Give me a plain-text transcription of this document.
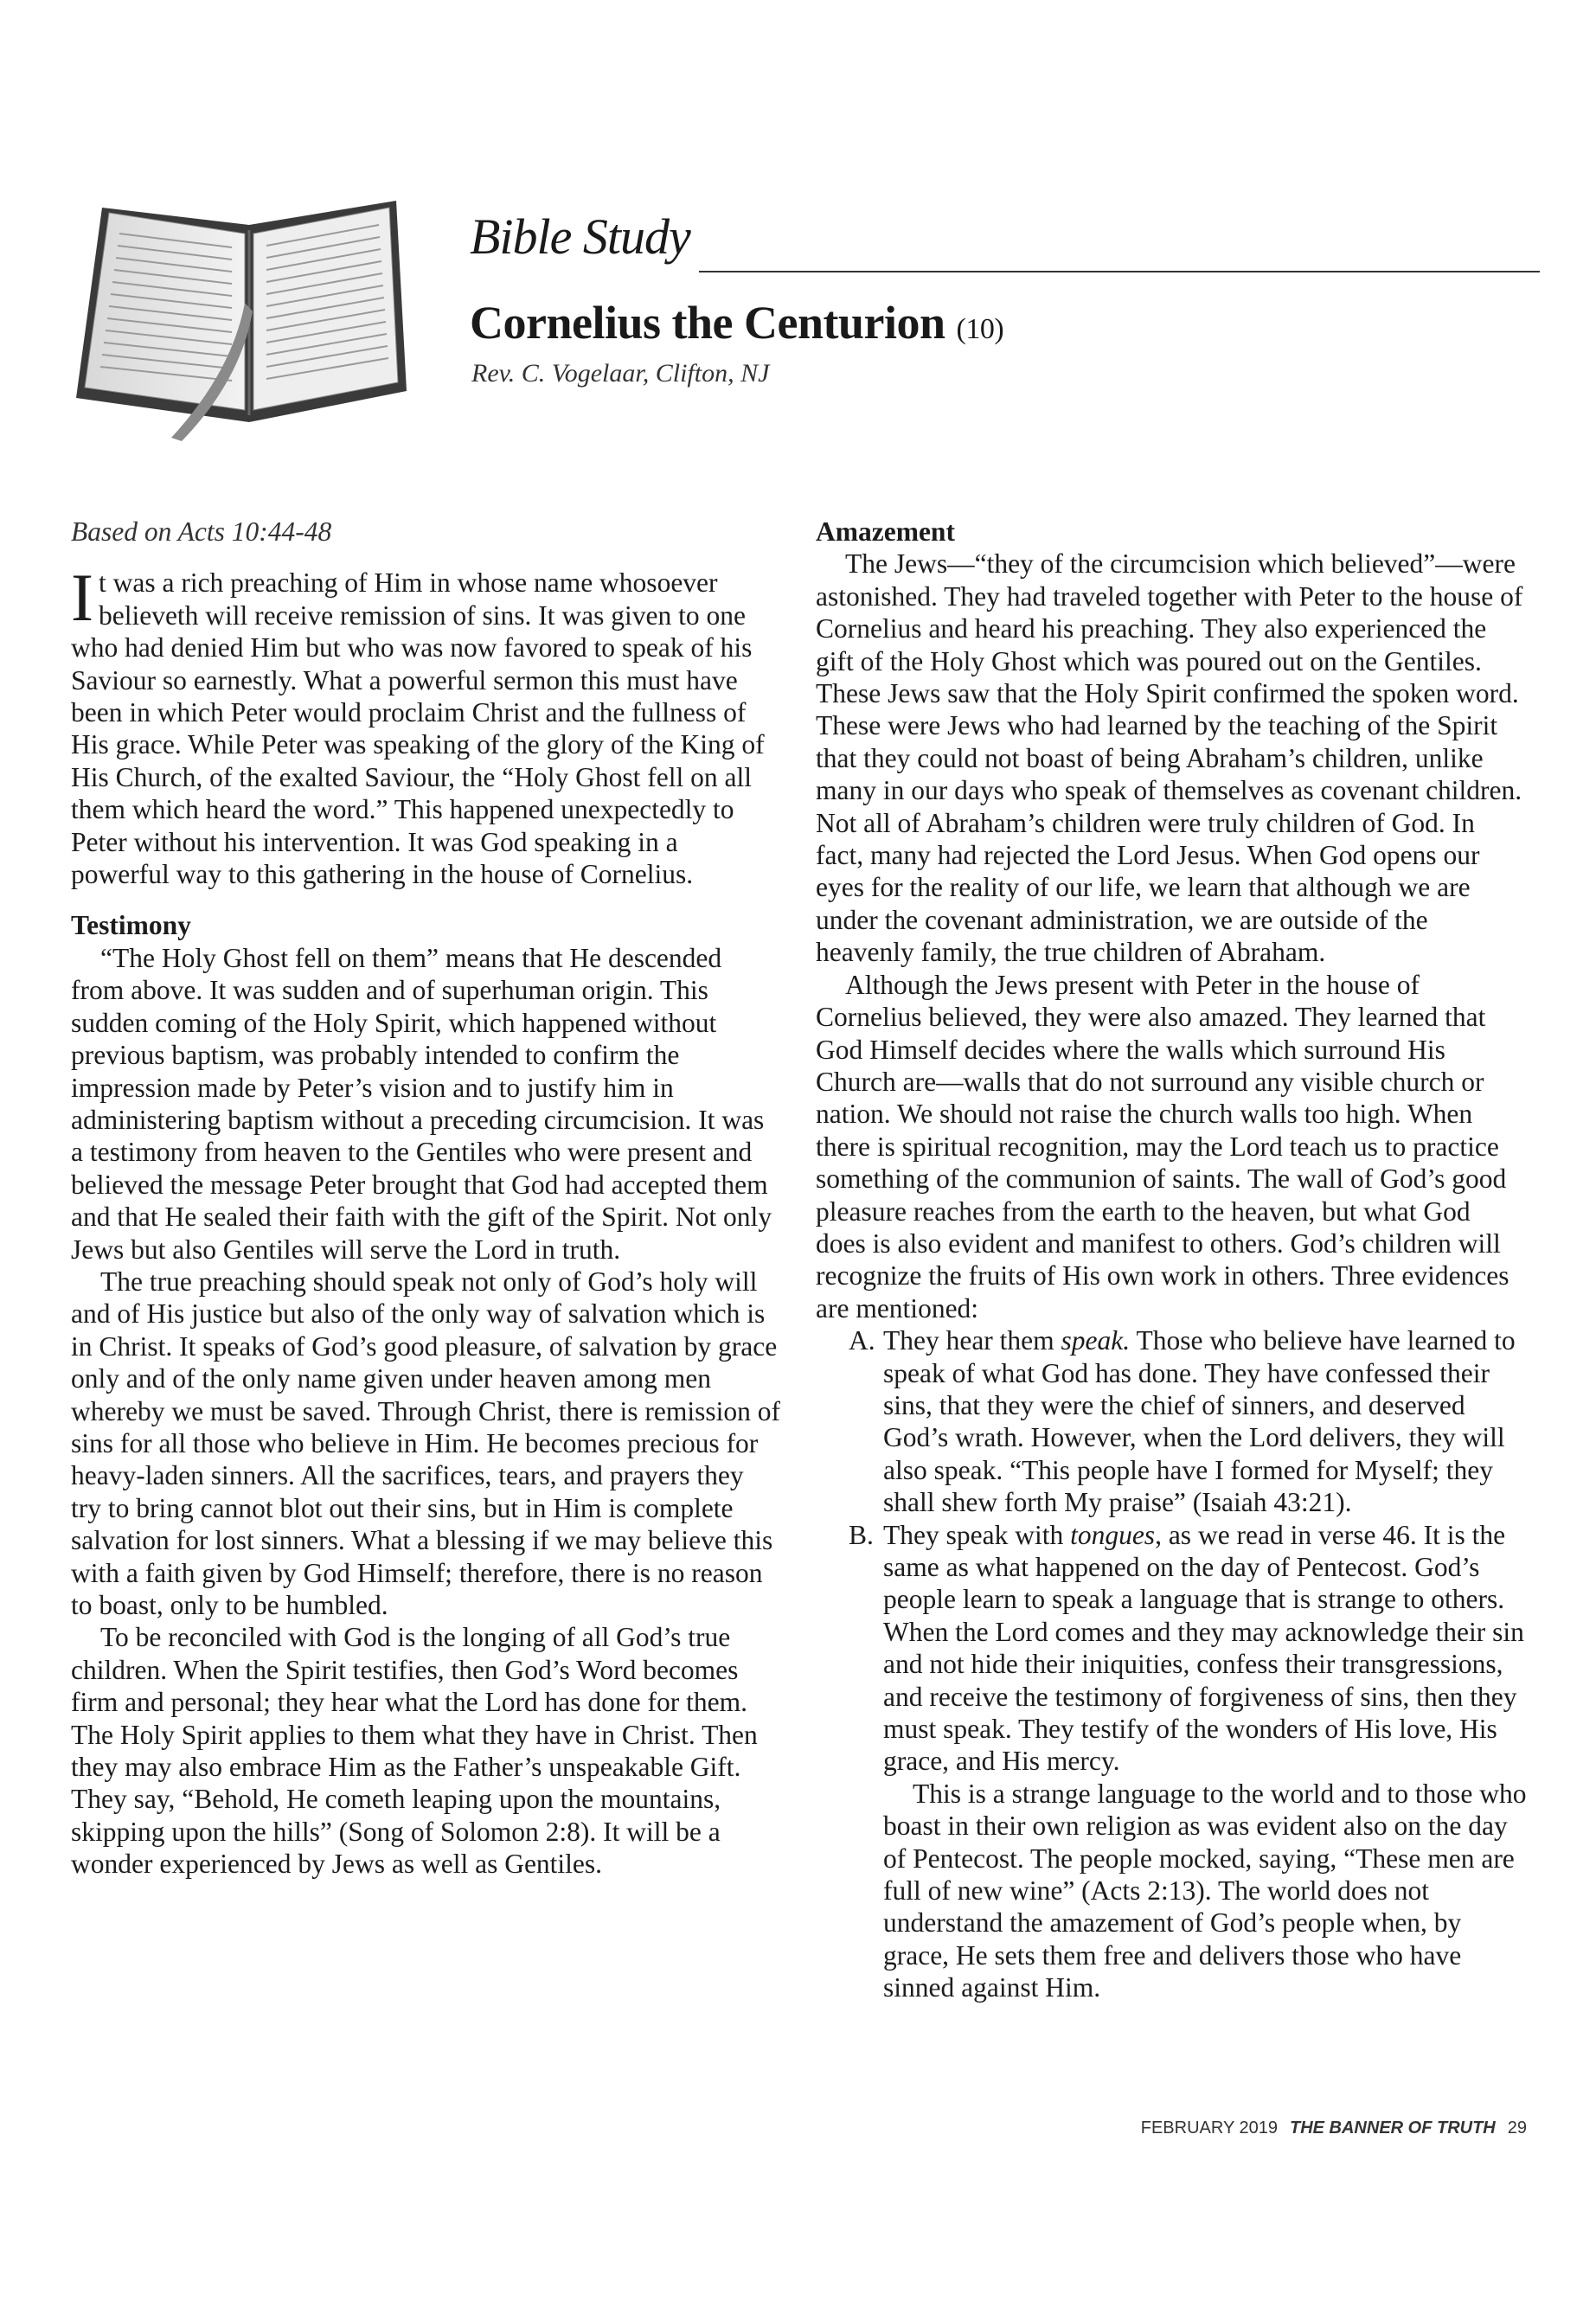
Bible Study
Cornelius the Centurion (10)
Rev. C. Vogelaar, Clifton, NJ

Based on Acts 10:44-48

It was a rich preaching of Him in whose name whosoever believeth will receive remission of sins. It was given to one who had denied Him but who was now favored to speak of his Saviour so earnestly. What a powerful sermon this must have been in which Peter would proclaim Christ and the fullness of His grace. While Peter was speaking of the glory of the King of His Church, of the exalted Saviour, the “Holy Ghost fell on all them which heard the word.” This happened unexpectedly to Peter without his intervention. It was God speaking in a powerful way to this gathering in the house of Cornelius.

Testimony

“The Holy Ghost fell on them” means that He descended from above. It was sudden and of superhuman origin. This sudden coming of the Holy Spirit, which happened without previous baptism, was probably intended to confirm the impression made by Peter’s vision and to justify him in administering baptism without a preceding circumcision. It was a testimony from heaven to the Gentiles who were present and believed the message Peter brought that God had accepted them and that He sealed their faith with the gift of the Spirit. Not only Jews but also Gentiles will serve the Lord in truth.

The true preaching should speak not only of God’s holy will and of His justice but also of the only way of salvation which is in Christ. It speaks of God’s good pleasure, of salvation by grace only and of the only name given under heaven among men whereby we must be saved. Through Christ, there is remission of sins for all those who believe in Him. He becomes precious for heavy-laden sinners. All the sacrifices, tears, and prayers they try to bring cannot blot out their sins, but in Him is complete salvation for lost sinners. What a blessing if we may believe this with a faith given by God Himself; therefore, there is no reason to boast, only to be humbled.

To be reconciled with God is the longing of all God’s true children. When the Spirit testifies, then God’s Word becomes firm and personal; they hear what the Lord has done for them. The Holy Spirit applies to them what they have in Christ. Then they may also embrace Him as the Father’s unspeakable Gift. They say, “Behold, He cometh leaping upon the mountains, skipping upon the hills” (Song of Solomon 2:8). It will be a wonder experienced by Jews as well as Gentiles.

Amazement

The Jews—“they of the circumcision which believed”—were astonished. They had traveled together with Peter to the house of Cornelius and heard his preaching. They also experienced the gift of the Holy Ghost which was poured out on the Gentiles. These Jews saw that the Holy Spirit confirmed the spoken word. These were Jews who had learned by the teaching of the Spirit that they could not boast of being Abraham’s children, unlike many in our days who speak of themselves as covenant children. Not all of Abraham’s children were truly children of God. In fact, many had rejected the Lord Jesus. When God opens our eyes for the reality of our life, we learn that although we are under the covenant administration, we are outside of the heavenly family, the true children of Abraham.

Although the Jews present with Peter in the house of Cornelius believed, they were also amazed. They learned that God Himself decides where the walls which surround His Church are—walls that do not surround any visible church or nation. We should not raise the church walls too high. When there is spiritual recognition, may the Lord teach us to practice something of the communion of saints. The wall of God’s good pleasure reaches from the earth to the heaven, but what God does is also evident and manifest to others. God’s children will recognize the fruits of His own work in others. Three evidences are mentioned:

A. They hear them speak. Those who believe have learned to speak of what God has done. They have confessed their sins, that they were the chief of sinners, and deserved God’s wrath. However, when the Lord delivers, they will also speak. “This people have I formed for Myself; they shall shew forth My praise” (Isaiah 43:21).

B. They speak with tongues, as we read in verse 46. It is the same as what happened on the day of Pentecost. God’s people learn to speak a language that is strange to others. When the Lord comes and they may acknowledge their sin and not hide their iniquities, confess their transgressions, and receive the testimony of forgiveness of sins, then they must speak. They testify of the wonders of His love, His grace, and His mercy.

This is a strange language to the world and to those who boast in their own religion as was evident also on the day of Pentecost. The people mocked, saying, “These men are full of new wine” (Acts 2:13). The world does not understand the amazement of God’s people when, by grace, He sets them free and delivers those who have sinned against Him.

FEBRUARY 2019 THE BANNER OF TRUTH 29
